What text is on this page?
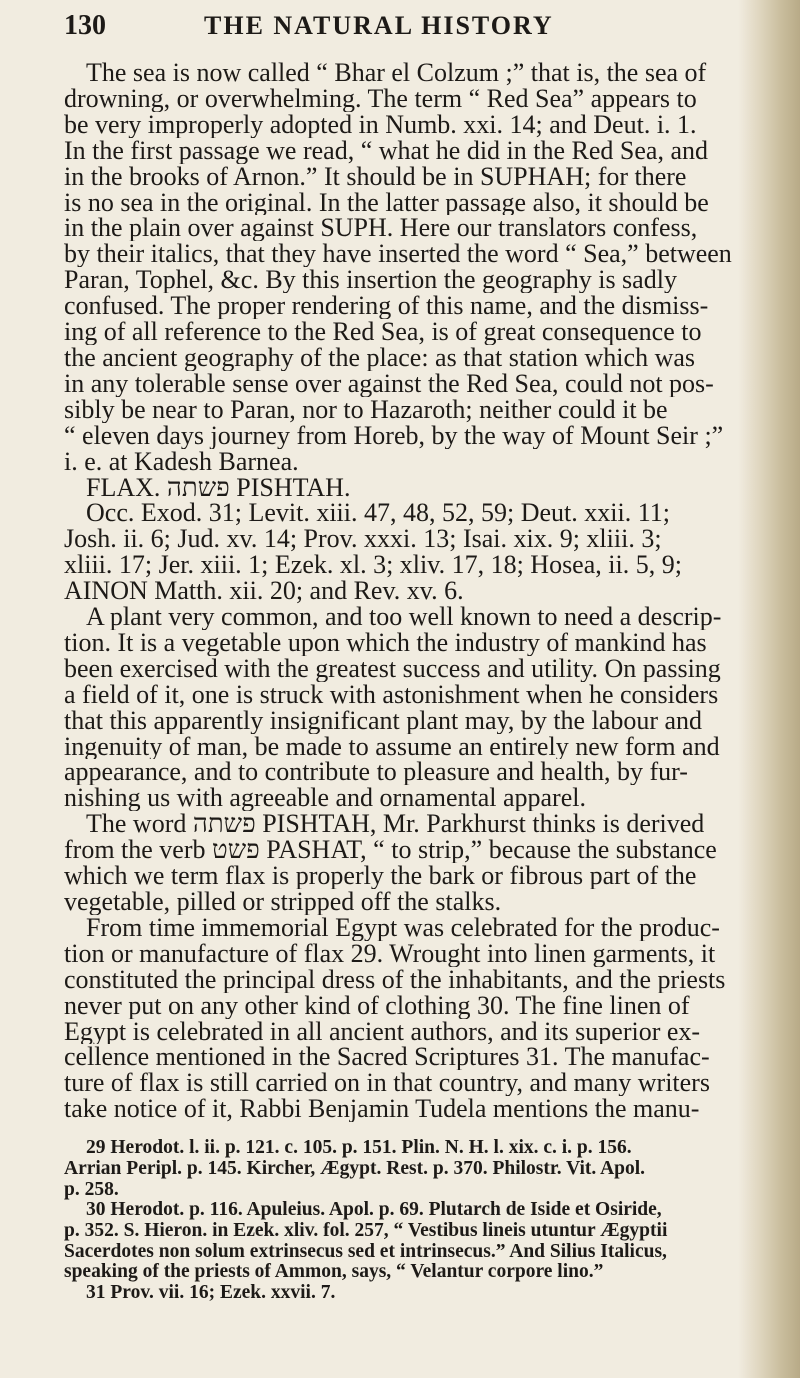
130	THE NATURAL HISTORY
The sea is now called “ Bhar el Colzum ;” that is, the sea of
drowning, or overwhelming. The term “ Red Sea” appears to
be very improperly adopted in Numb. xxi. 14; and Deut. i. 1.
In the first passage we read, “ what he did in the Red Sea, and
in the brooks of Arnon.” It should be in SUPHAH; for there
is no sea in the original. In the latter passage also, it should be
in the plain over against SUPH. Here our translators confess,
by their italics, that they have inserted the word “ Sea,” between
Paran, Tophel, &c. By this insertion the geography is sadly
confused. The proper rendering of this name, and the dismiss-
ing of all reference to the Red Sea, is of great consequence to
the ancient geography of the place: as that station which was
in any tolerable sense over against the Red Sea, could not pos-
sibly be near to Paran, nor to Hazaroth; neither could it be
“ eleven days journey from Horeb, by the way of Mount Seir ;”
i. e. at Kadesh Barnea.
FLAX. פשתה PISHTAH.
Occ. Exod. 31; Levit. xiii. 47, 48, 52, 59; Deut. xxii. 11;
Josh. ii. 6; Jud. xv. 14; Prov. xxxi. 13; Isai. xix. 9; xliii. 3;
xliii. 17; Jer. xiii. 1; Ezek. xl. 3; xliv. 17, 18; Hosea, ii. 5, 9;
AINON Matth. xii. 20; and Rev. xv. 6.
A plant very common, and too well known to need a descrip-
tion. It is a vegetable upon which the industry of mankind has
been exercised with the greatest success and utility. On passing
a field of it, one is struck with astonishment when he considers
that this apparently insignificant plant may, by the labour and
ingenuity of man, be made to assume an entirely new form and
appearance, and to contribute to pleasure and health, by fur-
nishing us with agreeable and ornamental apparel.
The word פשתה PISHTAH, Mr. Parkhurst thinks is derived
from the verb פשט PASHAT, “ to strip,” because the substance
which we term flax is properly the bark or fibrous part of the
vegetable, pilled or stripped off the stalks.
From time immemorial Egypt was celebrated for the produc-
tion or manufacture of flax 29. Wrought into linen garments, it
constituted the principal dress of the inhabitants, and the priests
never put on any other kind of clothing 30. The fine linen of
Egypt is celebrated in all ancient authors, and its superior ex-
cellence mentioned in the Sacred Scriptures 31. The manufac-
ture of flax is still carried on in that country, and many writers
take notice of it, Rabbi Benjamin Tudela mentions the manu-
29 Herodot. l. ii. p. 121. c. 105. p. 151. Plin. N. H. l. xix. c. i. p. 156.
Arrian Peripl. p. 145. Kircher, Ægypt. Rest. p. 370. Philostr. Vit. Apol.
p. 258.
30 Herodot. p. 116. Apuleius. Apol. p. 69. Plutarch de Iside et Osiride,
p. 352. S. Hieron. in Ezek. xliv. fol. 257, “ Vestibus lineis utuntur Ægyptii
Sacerdotes non solum extrinsecus sed et intrinsecus.” And Silius Italicus,
speaking of the priests of Ammon, says, “ Velantur corpore lino.”
31 Prov. vii. 16; Ezek. xxvii. 7.
